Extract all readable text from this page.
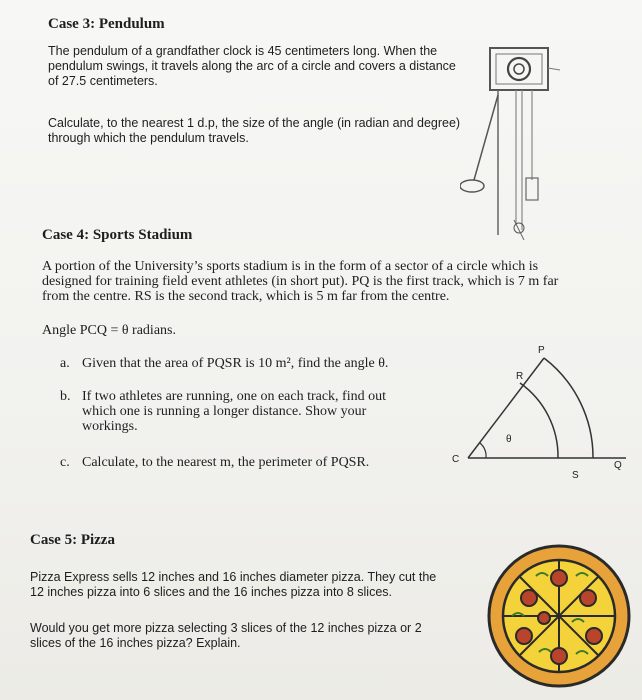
Case 3: Pendulum
The pendulum of a grandfather clock is 45 centimeters long. When the
pendulum swings, it travels along the arc of a circle and covers a distance
of 27.5 centimeters.
Calculate, to the nearest 1 d.p, the size of the angle (in radian and degree)
through which the pendulum travels.
Case 4: Sports Stadium
A portion of the University’s sports stadium is in the form of a sector of a circle which is
designed for training field event athletes (in short put). PQ is the first track, which is 7 m far
from the centre. RS is the second track, which is 5 m far from the centre.
Angle PCQ = θ radians.
a. Given that the area of PQSR is 10 m², find the angle θ.
b. If two athletes are running, one on each track, find out
which one is running a longer distance. Show your
workings.
c. Calculate, to the nearest m, the perimeter of PQSR.
P
R
C
S
Q
θ
Case 5: Pizza
Pizza Express sells 12 inches and 16 inches diameter pizza. They cut the
12 inches pizza into 6 slices and the 16 inches pizza into 8 slices.
Would you get more pizza selecting 3 slices of the 12 inches pizza or 2
slices of the 16 inches pizza? Explain.
